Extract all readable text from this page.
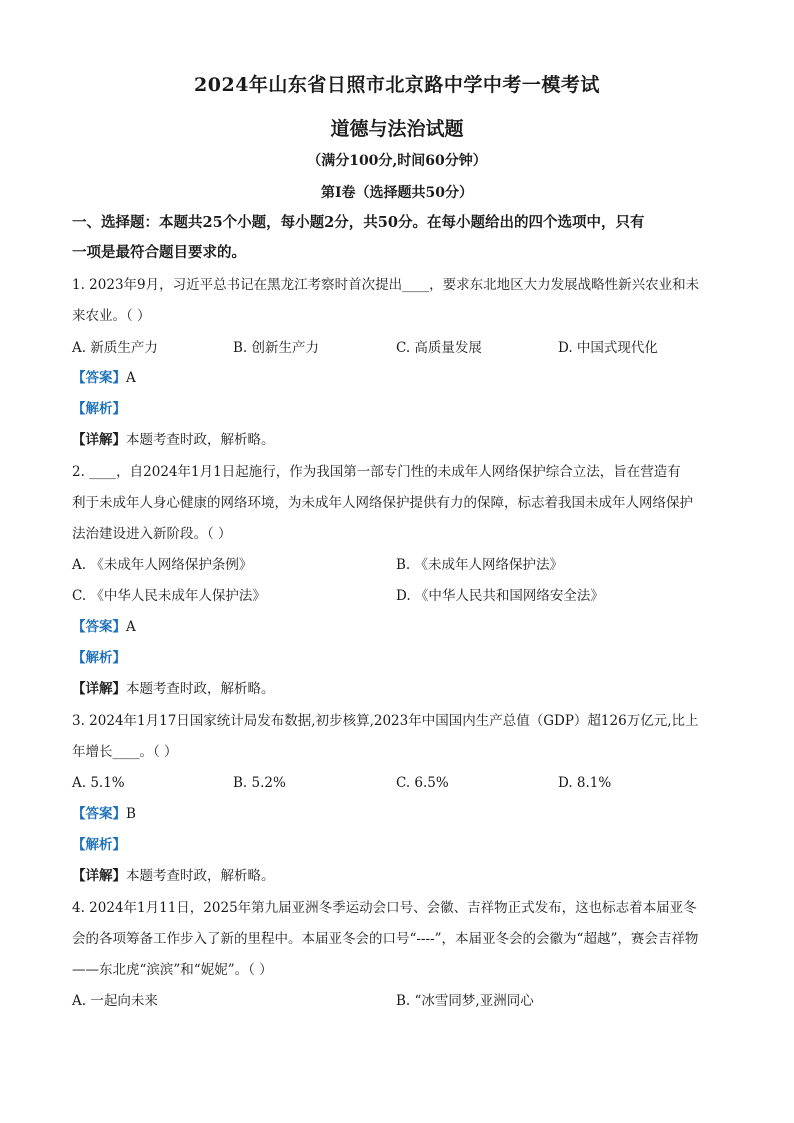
2024年山东省日照市北京路中学中考一模考试
道德与法治试题
（满分100分,时间60分钟）
第Ⅰ卷（选择题共50分）
一、选择题：本题共25个小题，每小题2分，共50分。在每小题给出的四个选项中，只有
一项是最符合题目要求的。
1. 2023年9月，习近平总书记在黑龙江考察时首次提出____，要求东北地区大力发展战略性新兴农业和未
来农业。（ ）
A. 新质生产力	B. 创新生产力	C. 高质量发展	D. 中国式现代化
【答案】A
【解析】
【详解】本题考查时政，解析略。
2. ____，自2024年1月1日起施行，作为我国第一部专门性的未成年人网络保护综合立法，旨在营造有
利于未成年人身心健康的网络环境，为未成年人网络保护提供有力的保障，标志着我国未成年人网络保护
法治建设进入新阶段。（ ）
A. 《未成年人网络保护条例》	B. 《未成年人网络保护法》
C. 《中华人民未成年人保护法》	D. 《中华人民共和国网络安全法》
【答案】A
【解析】
【详解】本题考查时政，解析略。
3. 2024年1月17日国家统计局发布数据,初步核算,2023年中国国内生产总值（GDP）超126万亿元,比上
年增长____。（ ）
A. 5.1%	B. 5.2%	C. 6.5%	D. 8.1%
【答案】B
【解析】
【详解】本题考查时政，解析略。
4. 2024年1月11日，2025年第九届亚洲冬季运动会口号、会徽、吉祥物正式发布，这也标志着本届亚冬
会的各项筹备工作步入了新的里程中。本届亚冬会的口号“----”，本届亚冬会的会徽为“超越”，赛会吉祥物
——东北虎“滨滨”和“妮妮”。（ ）
A. 一起向未来	B. “冰雪同梦,亚洲同心
